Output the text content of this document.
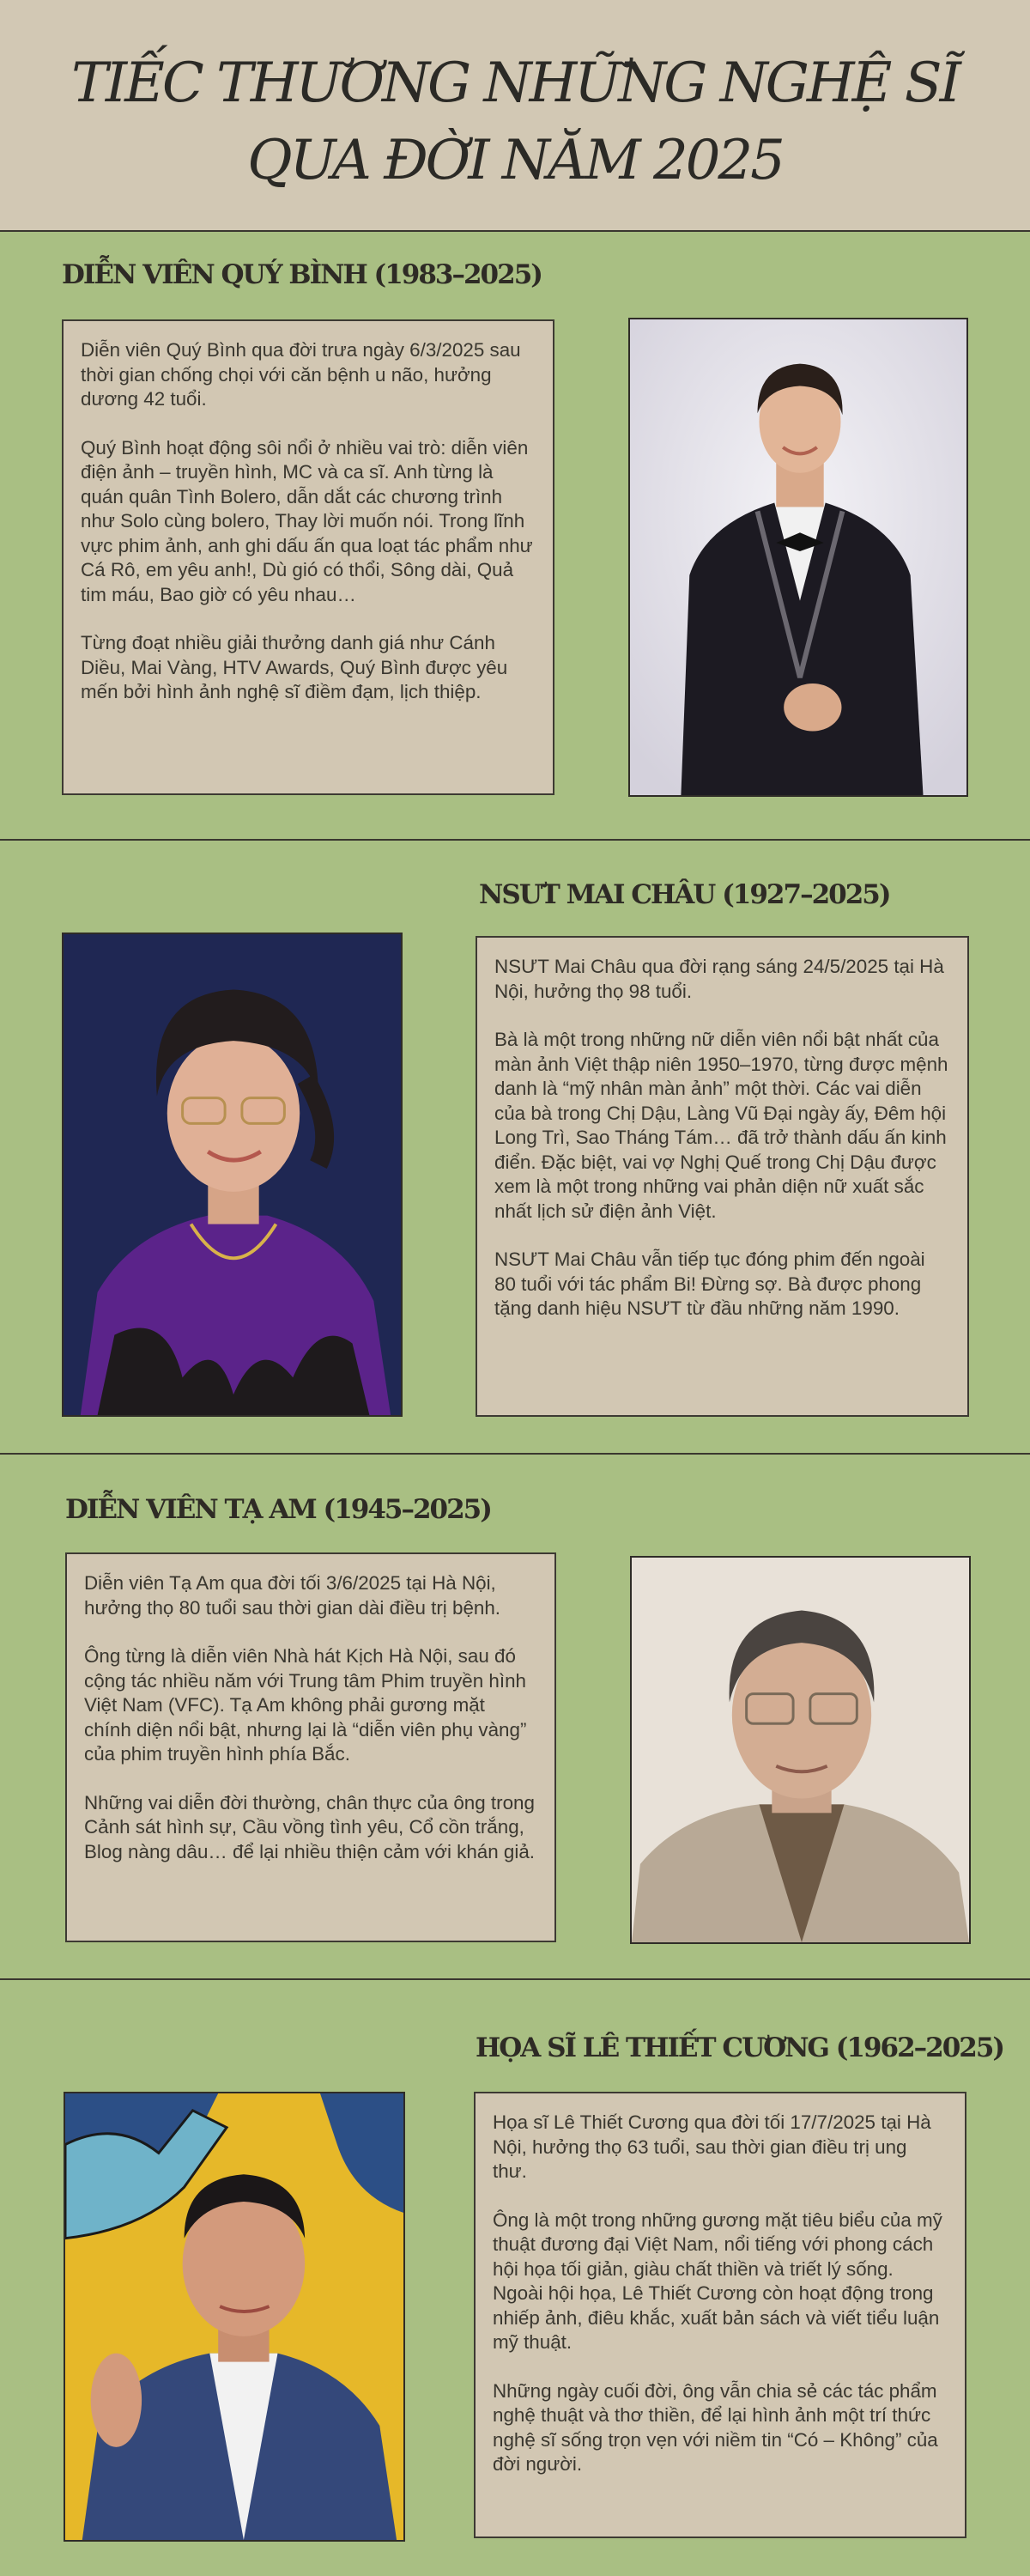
TIẾC THƯƠNG NHỮNG NGHỆ SĨ
QUA ĐỜI NĂM 2025
DIỄN VIÊN QUÝ BÌNH (1983–2025)

Diễn viên Quý Bình qua đời trưa ngày 6/3/2025 sau thời gian chống chọi với căn bệnh u não, hưởng dương 42 tuổi.

Quý Bình hoạt động sôi nổi ở nhiều vai trò: diễn viên điện ảnh – truyền hình, MC và ca sĩ. Anh từng là quán quân Tình Bolero, dẫn dắt các chương trình như Solo cùng bolero, Thay lời muốn nói. Trong lĩnh vực phim ảnh, anh ghi dấu ấn qua loạt tác phẩm như Cá Rô, em yêu anh!, Dù gió có thổi, Sông dài, Quả tim máu, Bao giờ có yêu nhau…

Từng đoạt nhiều giải thưởng danh giá như Cánh Diều, Mai Vàng, HTV Awards, Quý Bình được yêu mến bởi hình ảnh nghệ sĩ điềm đạm, lịch thiệp.

NSƯT MAI CHÂU (1927–2025)

NSƯT Mai Châu qua đời rạng sáng 24/5/2025 tại Hà Nội, hưởng thọ 98 tuổi.

Bà là một trong những nữ diễn viên nổi bật nhất của màn ảnh Việt thập niên 1950–1970, từng được mệnh danh là “mỹ nhân màn ảnh” một thời. Các vai diễn của bà trong Chị Dậu, Làng Vũ Đại ngày ấy, Đêm hội Long Trì, Sao Tháng Tám… đã trở thành dấu ấn kinh điển. Đặc biệt, vai vợ Nghị Quế trong Chị Dậu được xem là một trong những vai phản diện nữ xuất sắc nhất lịch sử điện ảnh Việt.

NSƯT Mai Châu vẫn tiếp tục đóng phim đến ngoài 80 tuổi với tác phẩm Bi! Đừng sợ. Bà được phong tặng danh hiệu NSƯT từ đầu những năm 1990.

DIỄN VIÊN TẠ AM (1945–2025)

Diễn viên Tạ Am qua đời tối 3/6/2025 tại Hà Nội, hưởng thọ 80 tuổi sau thời gian dài điều trị bệnh.

Ông từng là diễn viên Nhà hát Kịch Hà Nội, sau đó cộng tác nhiều năm với Trung tâm Phim truyền hình Việt Nam (VFC). Tạ Am không phải gương mặt chính diện nổi bật, nhưng lại là “diễn viên phụ vàng” của phim truyền hình phía Bắc.

Những vai diễn đời thường, chân thực của ông trong Cảnh sát hình sự, Cầu vồng tình yêu, Cổ cồn trắng, Blog nàng dâu… để lại nhiều thiện cảm với khán giả.

HỌA SĨ LÊ THIẾT CƯƠNG (1962–2025)

Họa sĩ Lê Thiết Cương qua đời tối 17/7/2025 tại Hà Nội, hưởng thọ 63 tuổi, sau thời gian điều trị ung thư.

Ông là một trong những gương mặt tiêu biểu của mỹ thuật đương đại Việt Nam, nổi tiếng với phong cách hội họa tối giản, giàu chất thiền và triết lý sống. Ngoài hội họa, Lê Thiết Cương còn hoạt động trong nhiếp ảnh, điêu khắc, xuất bản sách và viết tiểu luận mỹ thuật.

Những ngày cuối đời, ông vẫn chia sẻ các tác phẩm nghệ thuật và thơ thiền, để lại hình ảnh một trí thức nghệ sĩ sống trọn vẹn với niềm tin “Có – Không” của đời người.
